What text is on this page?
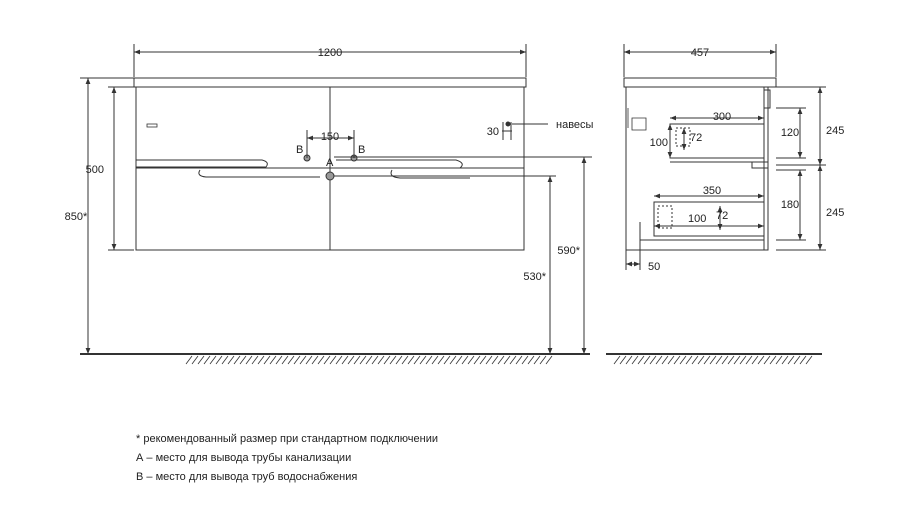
1200
500
850*
150	30
навесы
B	B
A
590*
530*
457
300
72
100
120 245
350
100 72
180
245
50
* рекомендованный размер при стандартном подключении
А – место для вывода трубы канализации
В – место для вывода труб водоснабжения
